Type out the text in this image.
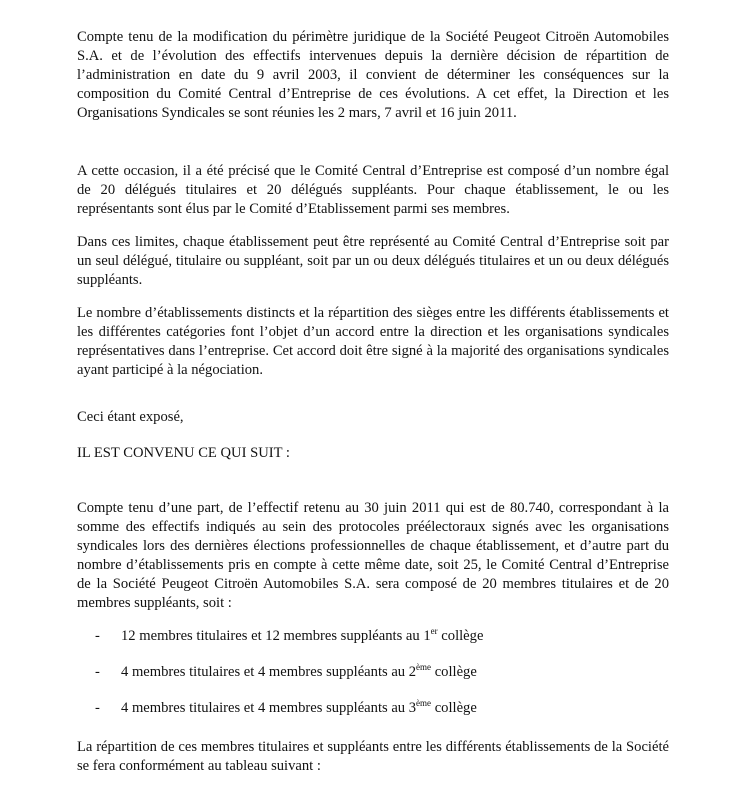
Compte tenu de la modification du périmètre juridique de la Société Peugeot Citroën Automobiles S.A. et de l’évolution des effectifs intervenues depuis la dernière décision de répartition de l’administration en date du 9 avril 2003, il convient de déterminer les conséquences sur la composition du Comité Central d’Entreprise de ces évolutions. A cet effet, la Direction et les Organisations Syndicales se sont réunies les 2 mars, 7 avril et 16 juin 2011.

A cette occasion, il a été précisé que le Comité Central d’Entreprise est composé d’un nombre égal de 20 délégués titulaires et 20 délégués suppléants. Pour chaque établissement, le ou les représentants sont élus par le Comité d’Etablissement parmi ses membres.

Dans ces limites, chaque établissement peut être représenté au Comité Central d’Entreprise soit par un seul délégué, titulaire ou suppléant, soit par un ou deux délégués titulaires et un ou deux délégués suppléants.

Le nombre d’établissements distincts et la répartition des sièges entre les différents établissements et les différentes catégories font l’objet d’un accord entre la direction et les organisations syndicales représentatives dans l’entreprise. Cet accord doit être signé à la majorité des organisations syndicales ayant participé à la négociation.

Ceci étant exposé,

IL EST CONVENU CE QUI SUIT :

Compte tenu d’une part, de l’effectif retenu au 30 juin 2011 qui est de 80.740, correspondant à la somme des effectifs indiqués au sein des protocoles préélectoraux signés avec les organisations syndicales lors des dernières élections professionnelles de chaque établissement, et d’autre part du nombre d’établissements pris en compte à cette même date, soit 25, le Comité Central d’Entreprise de la Société Peugeot Citroën Automobiles S.A. sera composé de 20 membres titulaires et de 20 membres suppléants, soit :

- 12 membres titulaires et 12 membres suppléants au 1er collège
- 4 membres titulaires et 4 membres suppléants au 2ème collège
- 4 membres titulaires et 4 membres suppléants au 3ème collège

La répartition de ces membres titulaires et suppléants entre les différents établissements de la Société se fera conformément au tableau suivant :
